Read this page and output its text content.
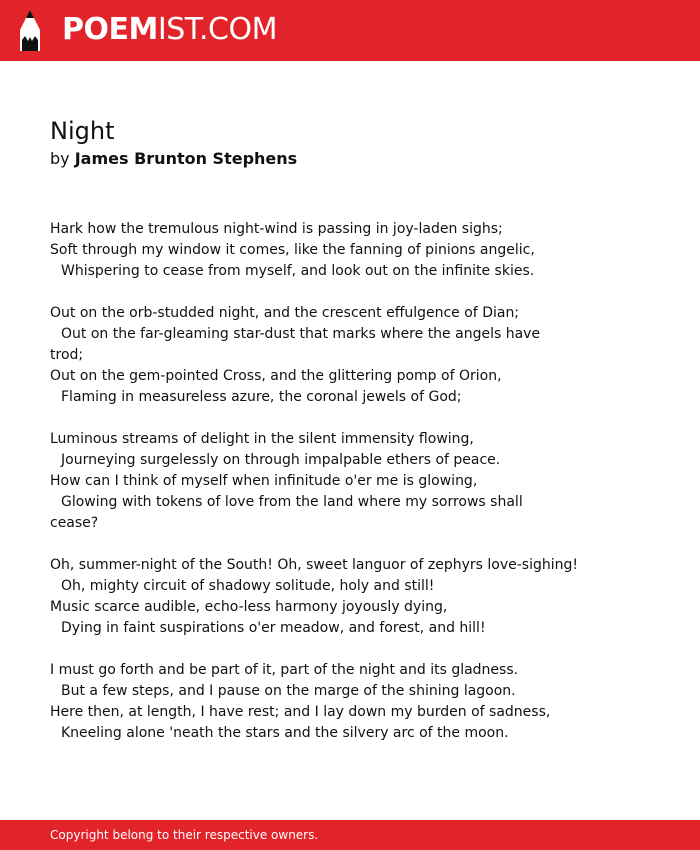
POEMIST.COM
Night
by James Brunton Stephens
Hark how the tremulous night-wind is passing in joy-laden sighs;
Soft through my window it comes, like the fanning of pinions angelic,
Whispering to cease from myself, and look out on the infinite skies.
Out on the orb-studded night, and the crescent effulgence of Dian;
Out on the far-gleaming star-dust that marks where the angels have
trod;
Out on the gem-pointed Cross, and the glittering pomp of Orion,
Flaming in measureless azure, the coronal jewels of God;
Luminous streams of delight in the silent immensity flowing,
Journeying surgelessly on through impalpable ethers of peace.
How can I think of myself when infinitude o'er me is glowing,
Glowing with tokens of love from the land where my sorrows shall
cease?
Oh, summer-night of the South! Oh, sweet languor of zephyrs love-sighing!
Oh, mighty circuit of shadowy solitude, holy and still!
Music scarce audible, echo-less harmony joyously dying,
Dying in faint suspirations o'er meadow, and forest, and hill!
I must go forth and be part of it, part of the night and its gladness.
But a few steps, and I pause on the marge of the shining lagoon.
Here then, at length, I have rest; and I lay down my burden of sadness,
Kneeling alone 'neath the stars and the silvery arc of the moon.
Copyright belong to their respective owners.
